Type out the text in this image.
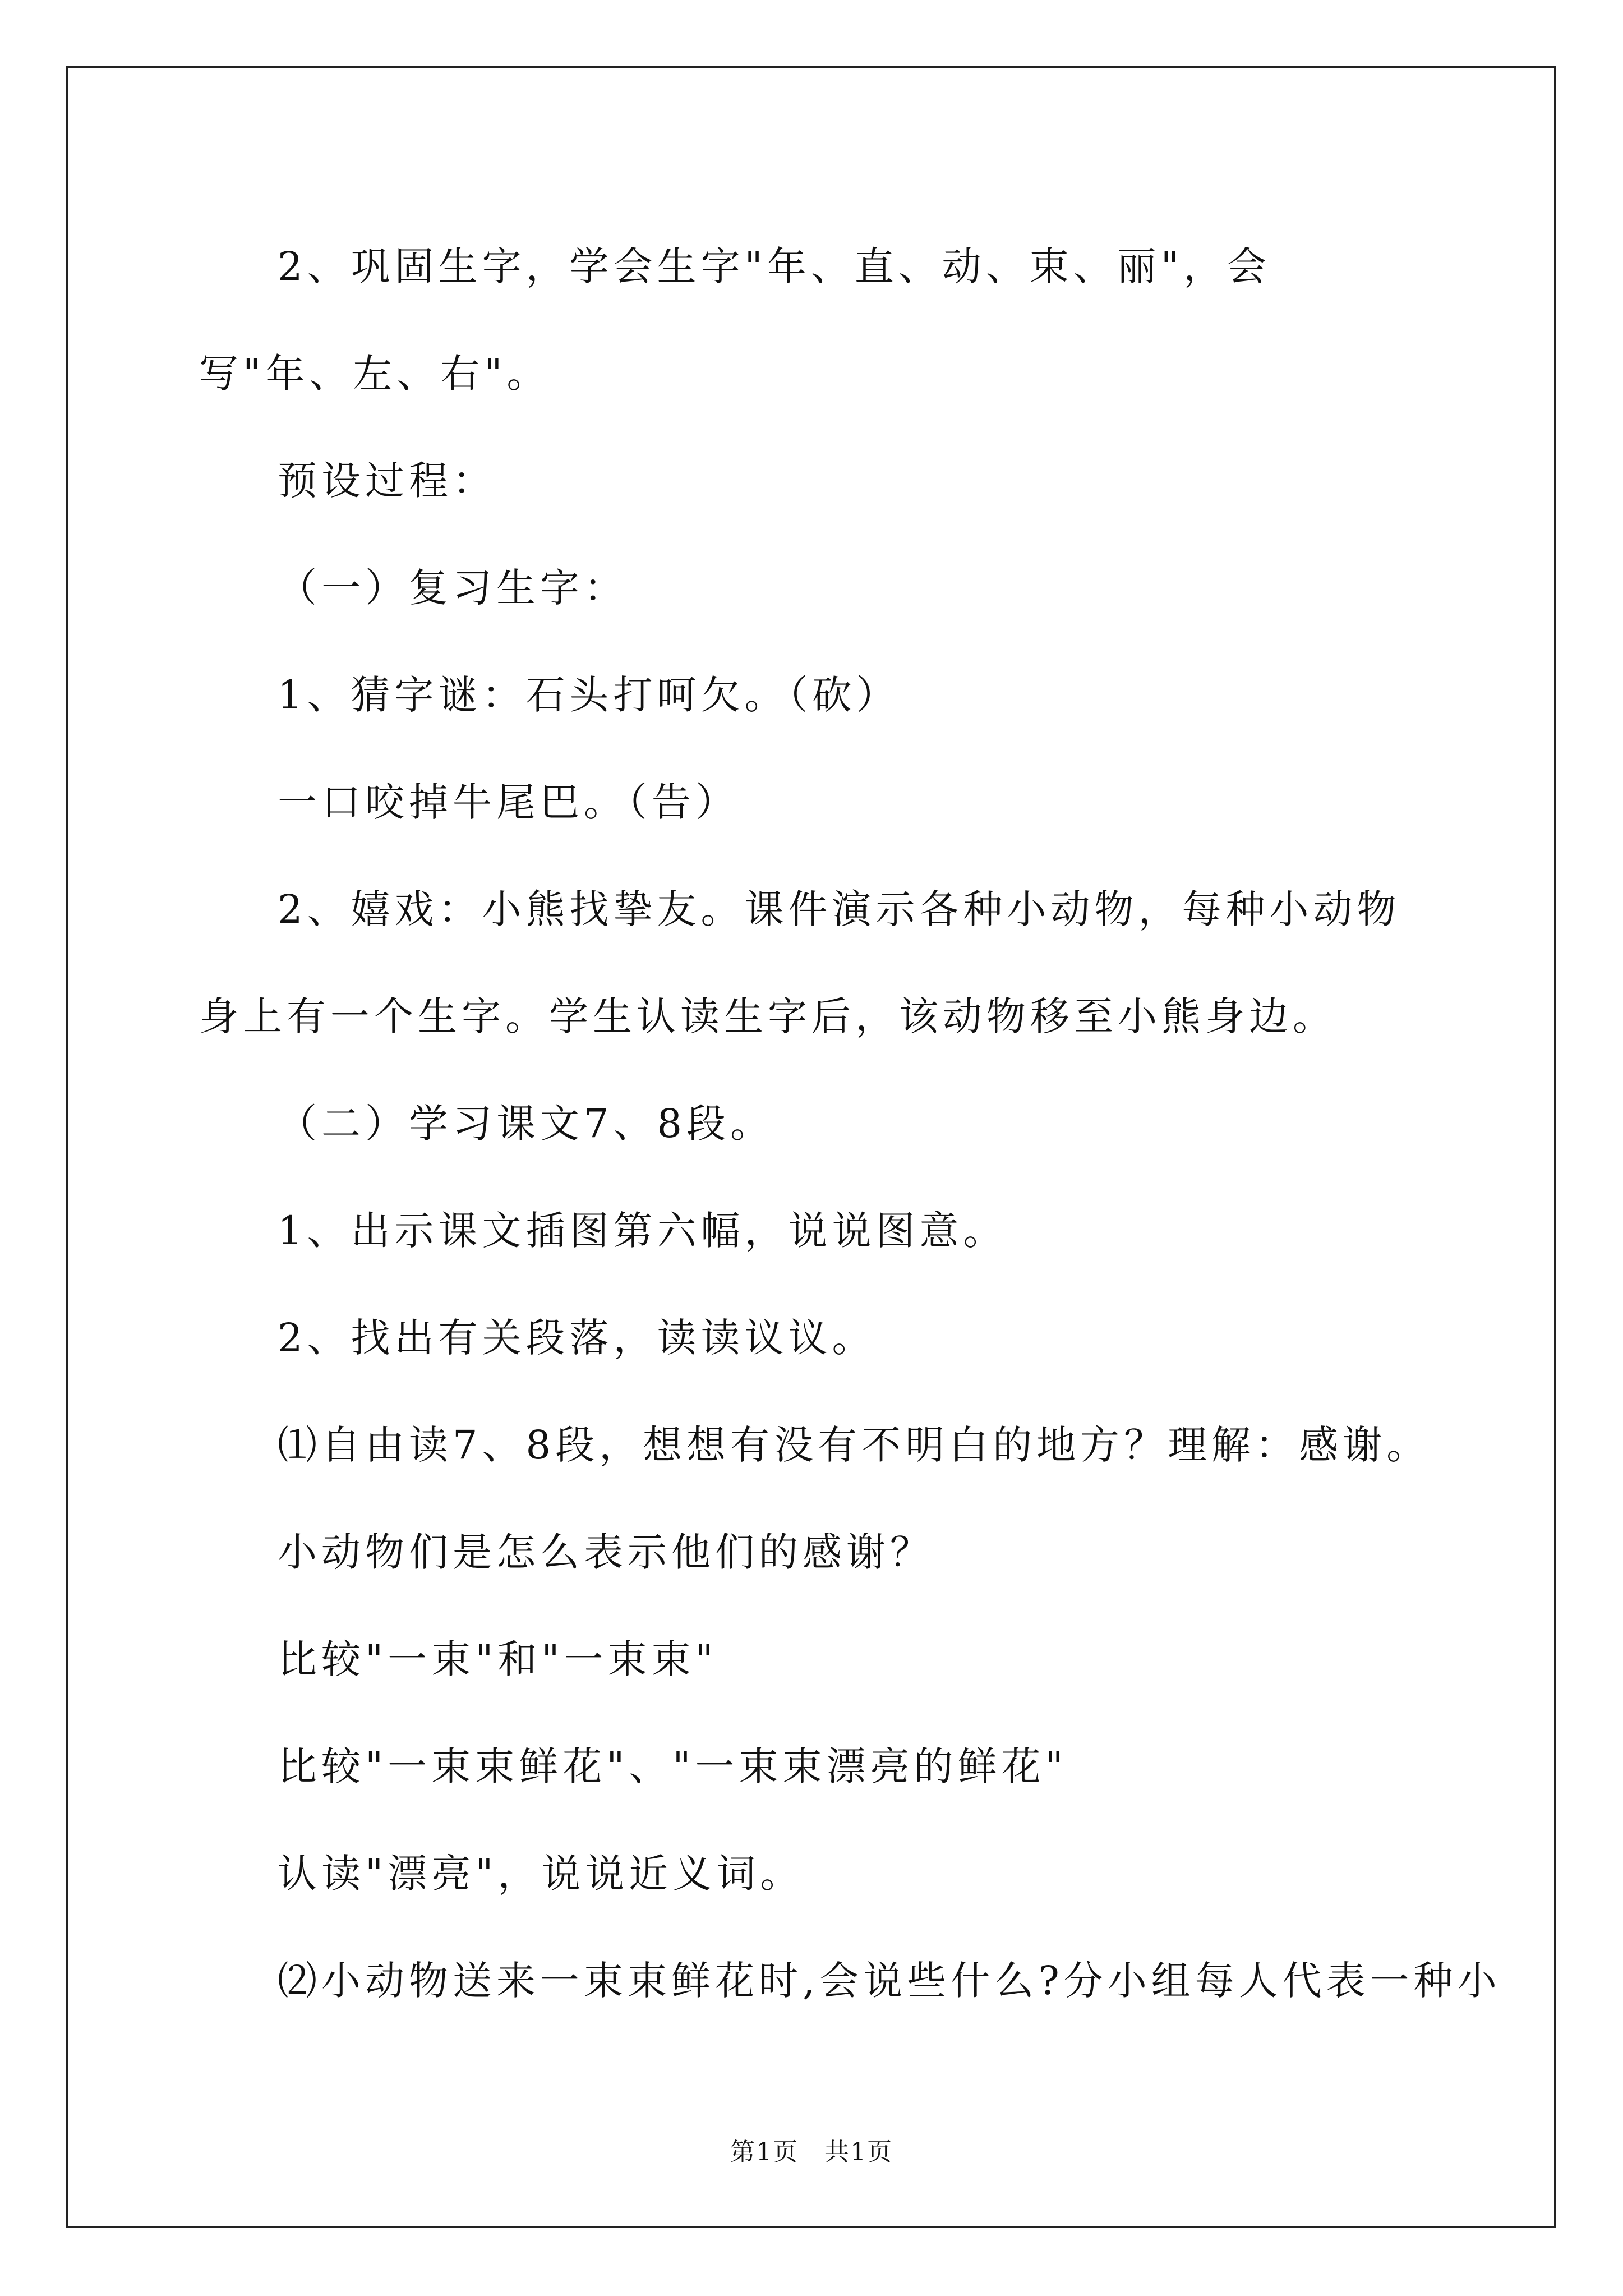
2、巩固生字，学会生字"年、直、动、束、丽"，会写"年、左、右"。

预设过程：

（一）复习生字：

1、猜字谜：石头打呵欠。（砍）

一口咬掉牛尾巴。（告）

2、嬉戏：小熊找挚友。课件演示各种小动物，每种小动物身上有一个生字。学生认读生字后，该动物移至小熊身边。

（二）学习课文7、8段。

1、出示课文插图第六幅，说说图意。

2、找出有关段落，读读议议。

⑴自由读7、8段，想想有没有不明白的地方？理解：感谢。

小动物们是怎么表示他们的感谢？

比较"一束"和"一束束"

比较"一束束鲜花"、"一束束漂亮的鲜花"

认读"漂亮"，说说近义词。

⑵小动物送来一束束鲜花时,会说些什么?分小组每人代表一种小

第1页　共1页
